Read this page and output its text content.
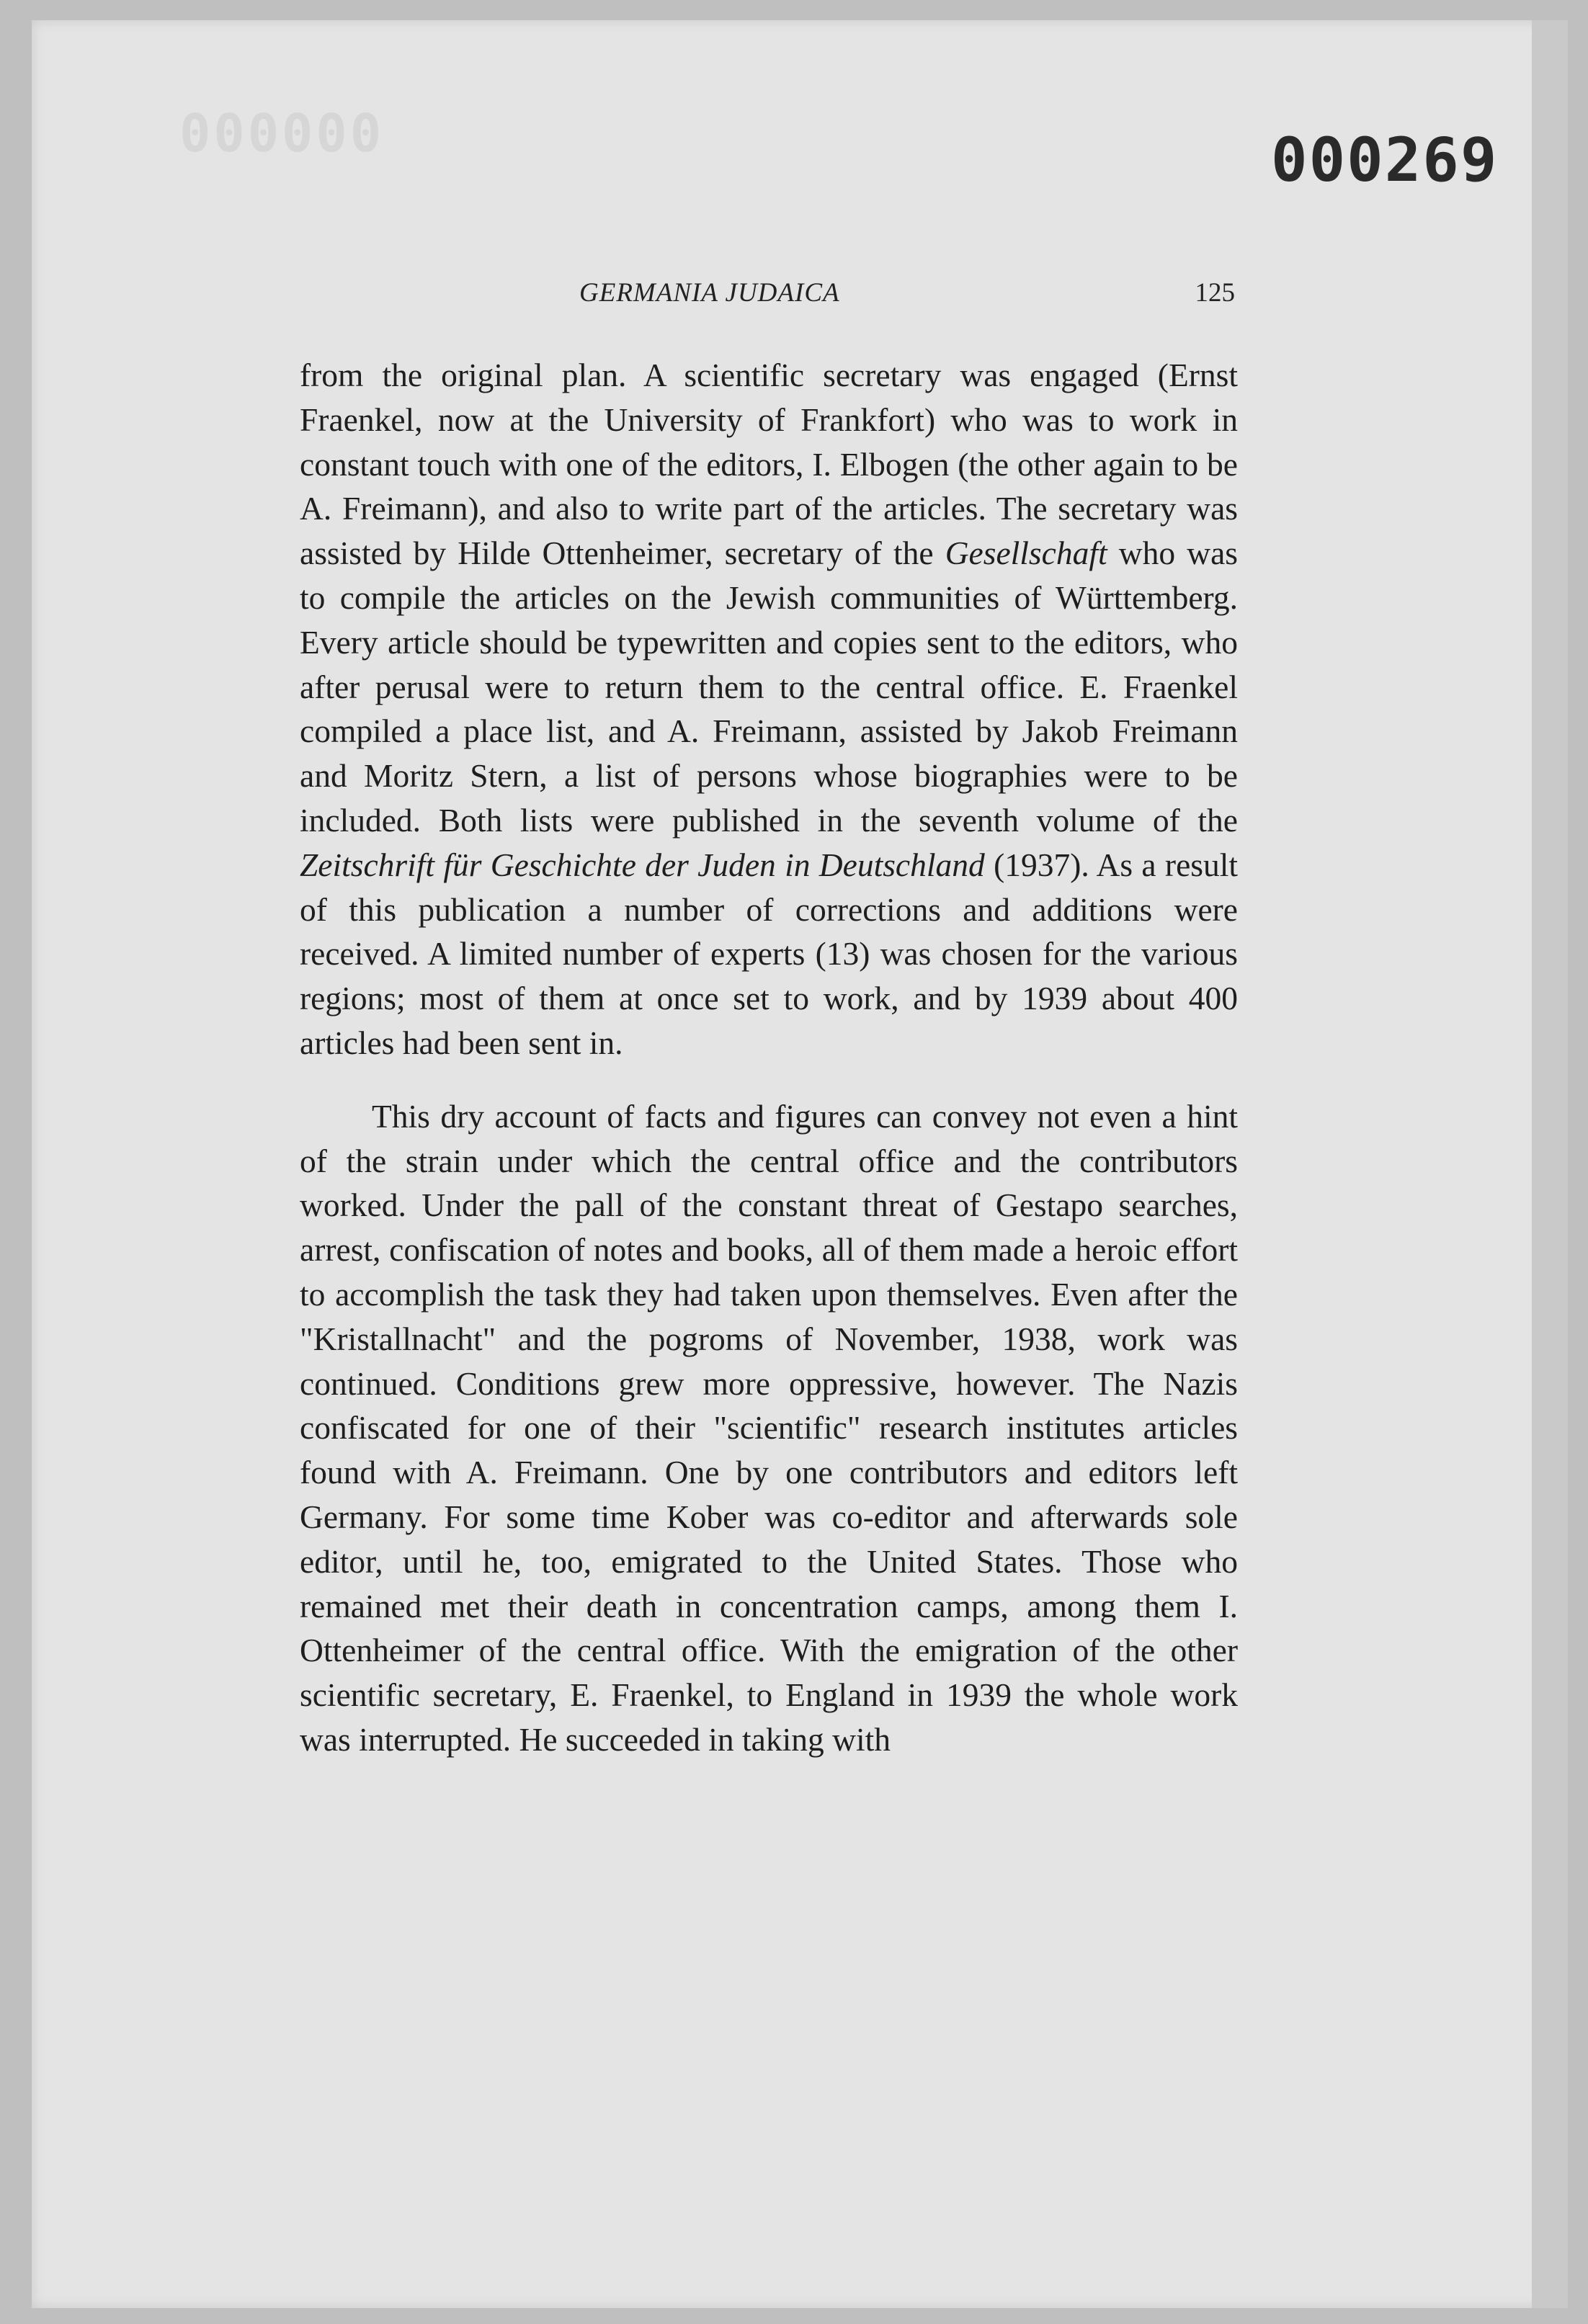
000000	000269
GERMANIA JUDAICA	125

from the original plan. A scientific secretary was engaged (Ernst Fraenkel, now at the University of Frankfort) who was to work in constant touch with one of the editors, I. Elbogen (the other again to be A. Freimann), and also to write part of the articles. The secretary was assisted by Hilde Ottenheimer, secretary of the Gesellschaft who was to compile the articles on the Jewish communities of Württemberg. Every article should be typewritten and copies sent to the editors, who after perusal were to return them to the central office. E. Fraenkel compiled a place list, and A. Freimann, assisted by Jakob Freimann and Moritz Stern, a list of persons whose biographies were to be included. Both lists were published in the seventh volume of the Zeitschrift für Geschichte der Juden in Deutschland (1937). As a result of this publication a number of corrections and additions were received. A limited number of experts (13) was chosen for the various regions; most of them at once set to work, and by 1939 about 400 articles had been sent in.

This dry account of facts and figures can convey not even a hint of the strain under which the central office and the contributors worked. Under the pall of the constant threat of Gestapo searches, arrest, confiscation of notes and books, all of them made a heroic effort to accomplish the task they had taken upon themselves. Even after the "Kristallnacht" and the pogroms of November, 1938, work was continued. Conditions grew more oppressive, however. The Nazis confiscated for one of their "scientific" research institutes articles found with A. Freimann. One by one contributors and editors left Germany. For some time Kober was co-editor and afterwards sole editor, until he, too, emigrated to the United States. Those who remained met their death in concentration camps, among them I. Ottenheimer of the central office. With the emigration of the other scientific secretary, E. Fraenkel, to England in 1939 the whole work was interrupted. He succeeded in taking with
